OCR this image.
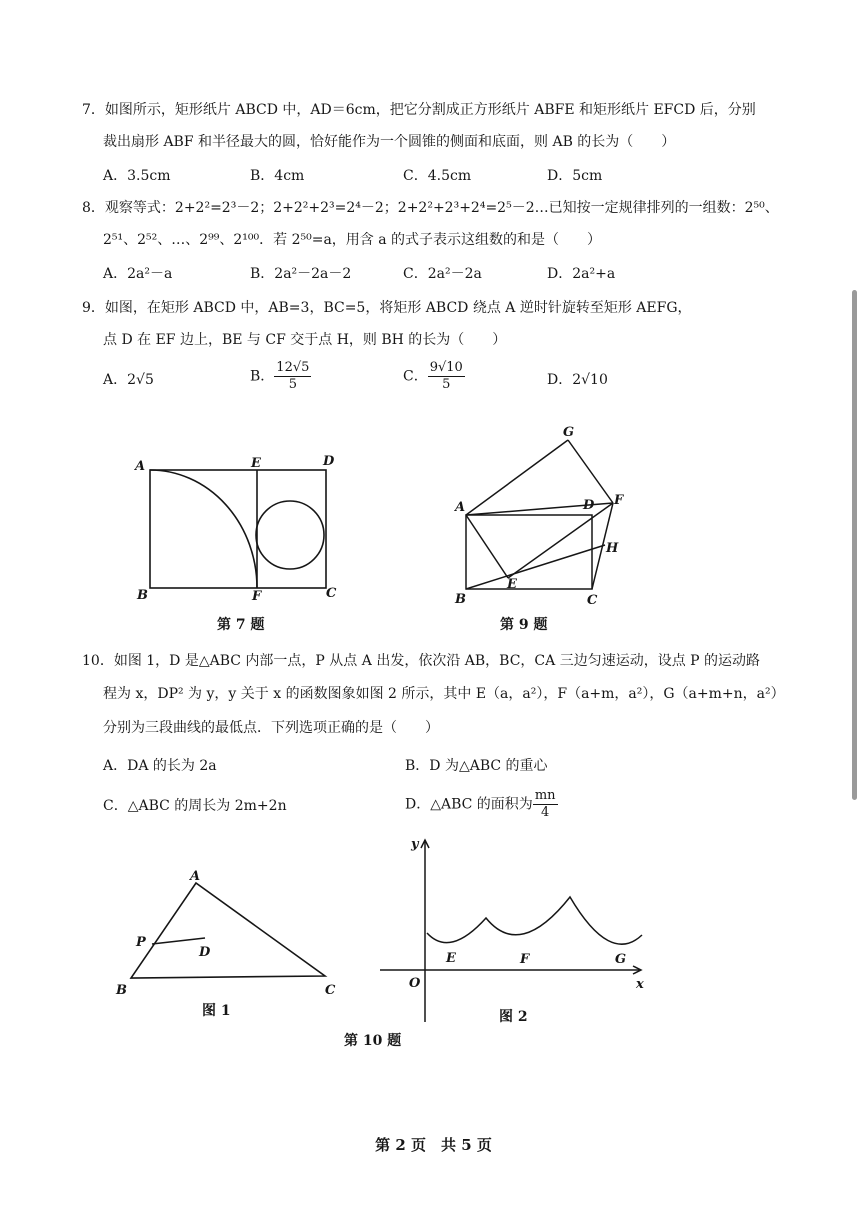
7．如图所示，矩形纸片 ABCD 中，AD＝6cm，把它分割成正方形纸片 ABFE 和矩形纸片 EFCD 后，分别
裁出扇形 ABF 和半径最大的圆，恰好能作为一个圆锥的侧面和底面，则 AB 的长为（　　）
A．3.5cm	B．4cm	C．4.5cm	D．5cm
8．观察等式：2+2²=2³－2；2+2²+2³=2⁴－2；2+2²+2³+2⁴=2⁵－2…已知按一定规律排列的一组数：2⁵⁰、
2⁵¹、2⁵²、…、2⁹⁹、2¹⁰⁰．若 2⁵⁰=a，用含 a 的式子表示这组数的和是（　　）
A．2a²－a	B．2a²－2a－2	C．2a²－2a	D．2a²+a
9．如图，在矩形 ABCD 中，AB=3，BC=5，将矩形 ABCD 绕点 A 逆时针旋转至矩形 AEFG，
点 D 在 EF 边上，BE 与 CF 交于点 H，则 BH 的长为（　　）
A．2√5	B． $\frac{12√5}{5}$	C． $\frac{9√10}{5}$	D．2√10
A	E	D
B	F	C
G
A	D F
H
E
B	C
A
P
D
B	C
y
x
O
E	F	G
第 7 题	第 9 题
10．如图 1，D 是△ABC 内部一点，P 从点 A 出发，依次沿 AB，BC，CA 三边匀速运动，设点 P 的运动路
程为 x，DP² 为 y，y 关于 x 的函数图象如图 2 所示，其中 E（a，a²），F（a+m，a²），G（a+m+n，a²）
分别为三段曲线的最低点．下列选项正确的是（　　）
A．DA 的长为 2a	B．D 为△ABC 的重心
C．△ABC 的周长为 2m+2n	D．△ABC 的面积为 $\frac{mn}{4}$
图 1	图 2
第 10 题
第 2 页　共 5 页
